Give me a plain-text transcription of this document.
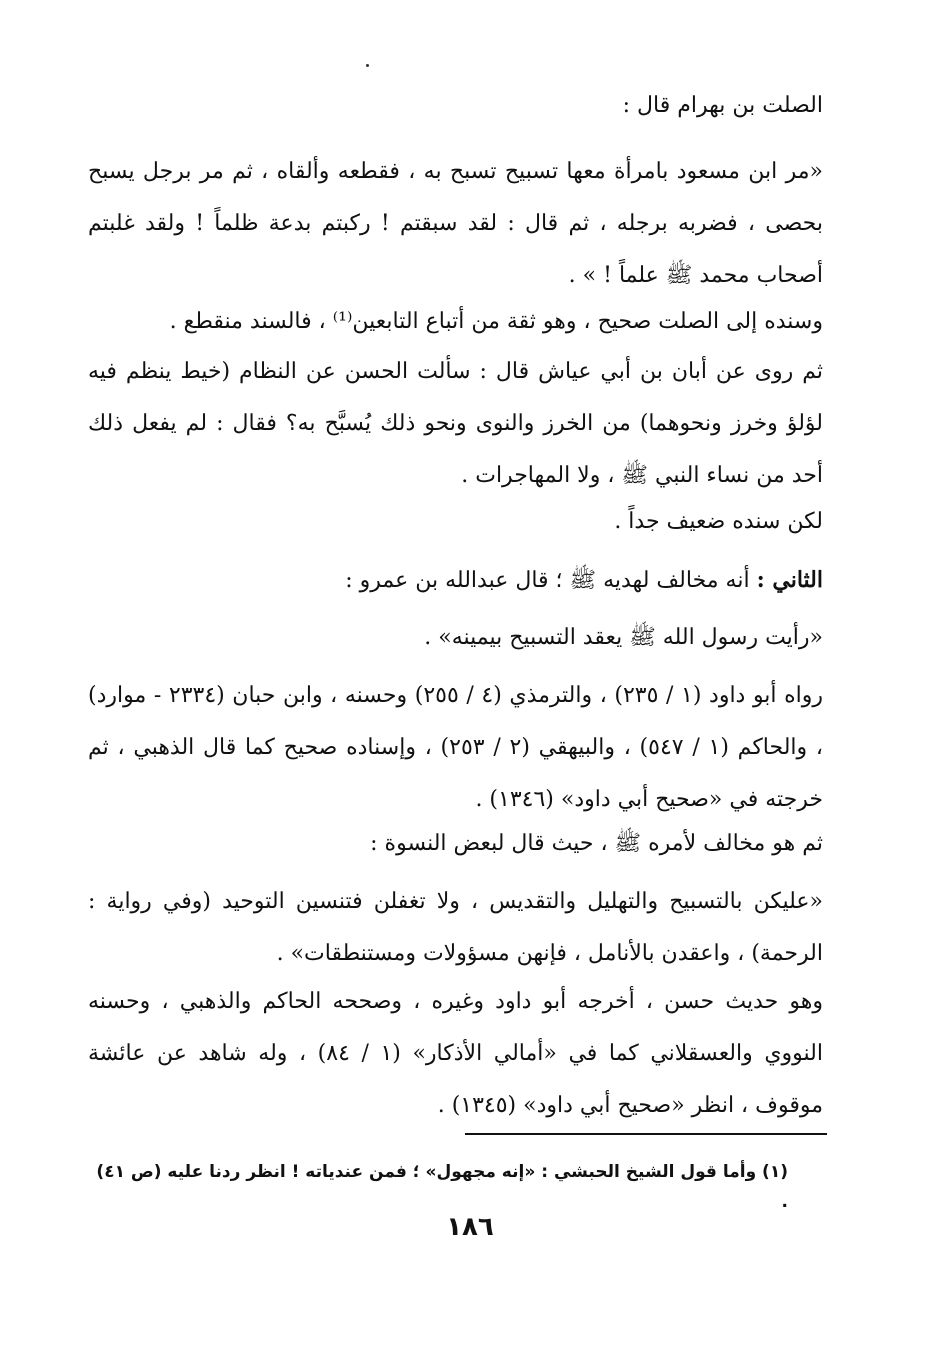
الصلت بن بهرام قال :

«مر ابن مسعود بامرأة معها تسبيح تسبح به ، فقطعه وألقاه ، ثم مر برجل يسبح بحصى ، فضربه برجله ، ثم قال : لقد سبقتم ! ركبتم بدعة ظلماً ! ولقد غلبتم أصحاب محمد ﷺ علماً ! » .

وسنده إلى الصلت صحيح ، وهو ثقة من أتباع التابعين⁽¹⁾ ، فالسند منقطع .

ثم روى عن أبان بن أبي عياش قال : سألت الحسن عن النظام (خيط ينظم فيه لؤلؤ وخرز ونحوهما) من الخرز والنوى ونحو ذلك يُسبَّح به؟ فقال : لم يفعل ذلك أحد من نساء النبي ﷺ ، ولا المهاجرات .

لكن سنده ضعيف جداً .

الثاني : أنه مخالف لهديه ﷺ ؛ قال عبدالله بن عمرو :

«رأيت رسول الله ﷺ يعقد التسبيح بيمينه» .

رواه أبو داود (١ / ٢٣٥) ، والترمذي (٤ / ٢٥٥) وحسنه ، وابن حبان (٢٣٣٤ - موارد) ، والحاكم (١ / ٥٤٧) ، والبيهقي (٢ / ٢٥٣) ، وإسناده صحيح كما قال الذهبي ، ثم خرجته في «صحيح أبي داود» (١٣٤٦) .

ثم هو مخالف لأمره ﷺ ، حيث قال لبعض النسوة :

«عليكن بالتسبيح والتهليل والتقديس ، ولا تغفلن فتنسين التوحيد (وفي رواية : الرحمة) ، واعقدن بالأنامل ، فإنهن مسؤولات ومستنطقات» .

وهو حديث حسن ، أخرجه أبو داود وغيره ، وصححه الحاكم والذهبي ، وحسنه النووي والعسقلاني كما في «أمالي الأذكار» (١ / ٨٤) ، وله شاهد عن عائشة موقوف ، انظر «صحيح أبي داود» (١٣٤٥) .

(١) وأما قول الشيخ الحبشي : «إنه مجهول» ؛ فمن عندياته ! انظر ردنا عليه (ص ٤١) .
١٨٦
